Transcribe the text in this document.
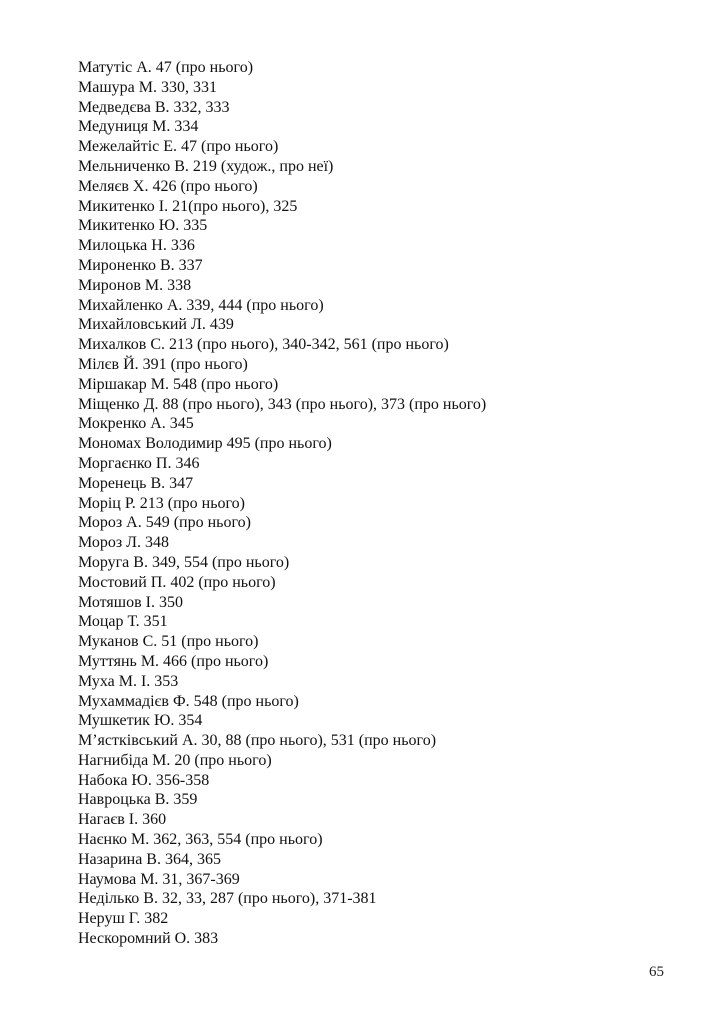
Матутіс А. 47 (про нього)
Машура М. 330, 331
Медведєва В. 332, 333
Медуниця М. 334
Межелайтіс Е. 47 (про нього)
Мельниченко В. 219 (худож., про неї)
Меляєв Х. 426 (про нього)
Микитенко І. 21(про нього), 325
Микитенко Ю. 335
Милоцька Н. 336
Мироненко В. 337
Миронов М. 338
Михайленко А. 339, 444 (про нього)
Михайловський Л. 439
Михалков С. 213 (про нього), 340-342, 561 (про нього)
Мілєв Й. 391 (про нього)
Міршакар М. 548 (про нього)
Міщенко Д. 88 (про нього), 343 (про нього), 373 (про нього)
Мокренко А. 345
Мономах Володимир 495 (про нього)
Моргаєнко П. 346
Моренець В. 347
Моріц Р. 213 (про нього)
Мороз А. 549 (про нього)
Мороз Л. 348
Моруга В. 349, 554 (про нього)
Мостовий П. 402 (про нього)
Мотяшов І. 350
Моцар Т. 351
Муканов С. 51 (про нього)
Муттянь М. 466 (про нього)
Муха М. І. 353
Мухаммадієв Ф. 548 (про нього)
Мушкетик Ю. 354
М’ястківський А. 30, 88 (про нього), 531 (про нього)
Нагнибіда М. 20 (про нього)
Набока Ю. 356-358
Навроцька В. 359
Нагаєв І. 360
Наєнко М. 362, 363, 554 (про нього)
Назарина В. 364, 365
Наумова М. 31, 367-369
Неділько В. 32, 33, 287 (про нього), 371-381
Неруш Г. 382
Нескоромний О. 383
65
